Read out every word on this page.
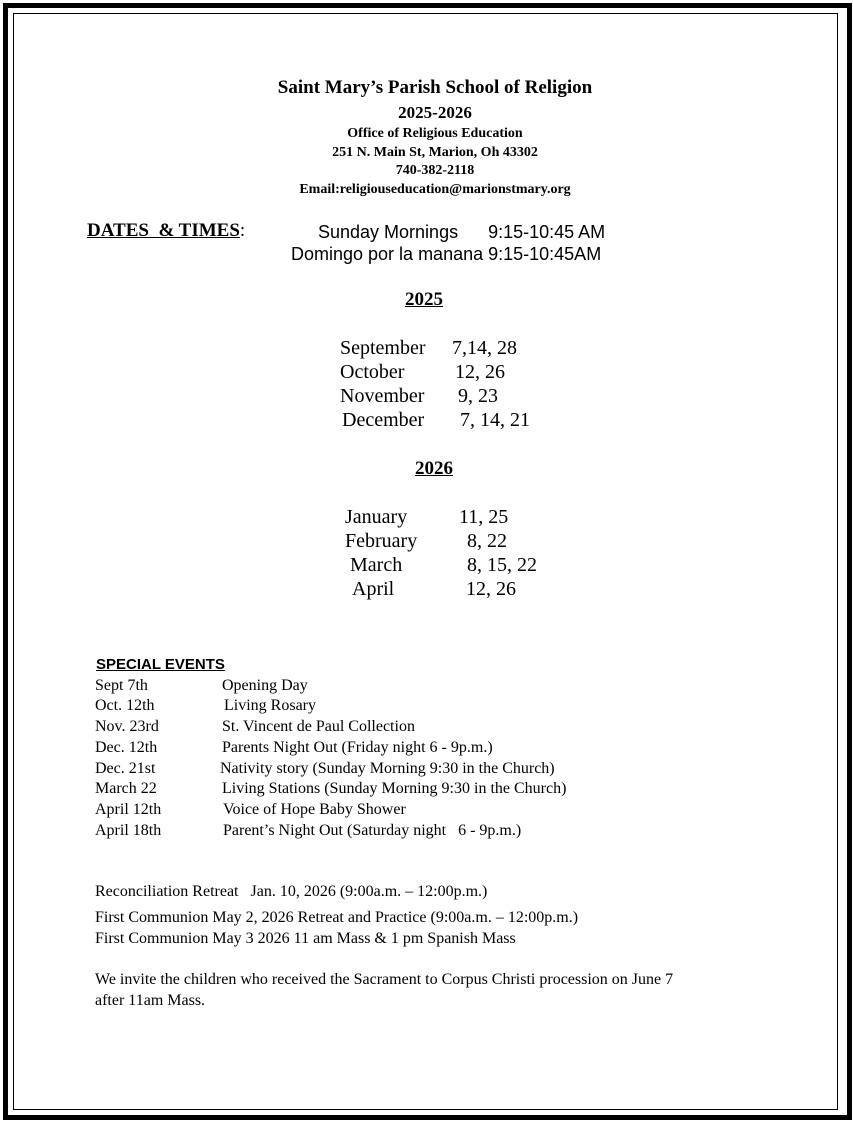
Saint Mary’s Parish School of Religion
2025-2026
Office of Religious Education
251 N. Main St, Marion, Oh 43302
740-382-2118
Email:religiouseducation@marionstmary.org
DATES  & TIMES:	Sunday Mornings      9:15-10:45 AM
Domingo por la manana 9:15-10:45AM
2025
September 7,14, 28
October	12, 26
November 9, 23
December 7, 14, 21
2026
January	11, 25
February 8, 22
March	8, 15, 22
April	12, 26
SPECIAL EVENTS
Sept 7th	Opening Day
Oct. 12th	Living Rosary
Nov. 23rd	St. Vincent de Paul Collection
Dec. 12th	Parents Night Out (Friday night 6 - 9p.m.)
Dec. 21st	Nativity story (Sunday Morning 9:30 in the Church)
March 22	Living Stations (Sunday Morning 9:30 in the Church)
April 12th	Voice of Hope Baby Shower
April 18th	Parent’s Night Out (Saturday night   6 - 9p.m.)
Reconciliation Retreat   Jan. 10, 2026 (9:00a.m. – 12:00p.m.)
First Communion May 2, 2026 Retreat and Practice (9:00a.m. – 12:00p.m.)
First Communion May 3 2026 11 am Mass & 1 pm Spanish Mass
We invite the children who received the Sacrament to Corpus Christi procession on June 7
after 11am Mass.
